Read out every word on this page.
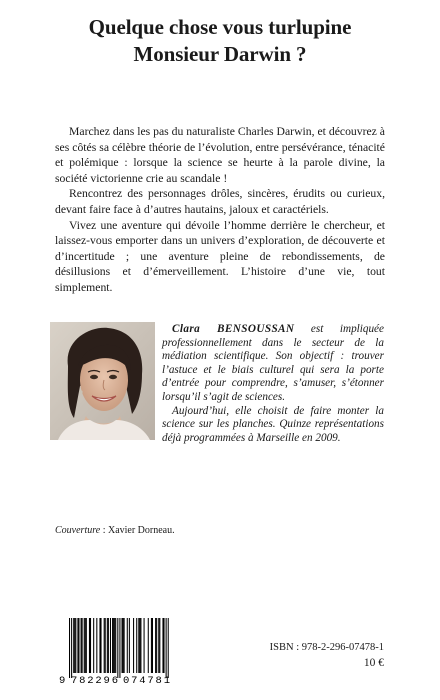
Quelque chose vous turlupine
Monsieur Darwin ?

Marchez dans les pas du naturaliste Charles Darwin, et découvrez à ses côtés sa célèbre théorie de l’évolution, entre persévérance, ténacité et polémique : lorsque la science se heurte à la parole divine, la société victorienne crie au scandale !

Rencontrez des personnages drôles, sincères, érudits ou curieux, devant faire face à d’autres hautains, jaloux et caractériels.

Vivez une aventure qui dévoile l’homme derrière le chercheur, et laissez-vous emporter dans un univers d’exploration, de découverte et d’incertitude ; une aventure pleine de rebondissements, de désillusions et d’émerveillement. L’histoire d’une vie, tout simplement.

Clara BENSOUSSAN est impliquée professionnellement dans le secteur de la médiation scientifique. Son objectif : trouver l’astuce et le biais culturel qui sera la porte d’entrée pour comprendre, s’amuser, s’étonner lorsqu’il s’agit de sciences.

Aujourd’hui, elle choisit de faire monter la science sur les planches. Quinze représentations déjà programmées à Marseille en 2009.

Couverture : Xavier Dorneau.
9 782296 074781
ISBN : 978-2-296-07478-1
10 €
